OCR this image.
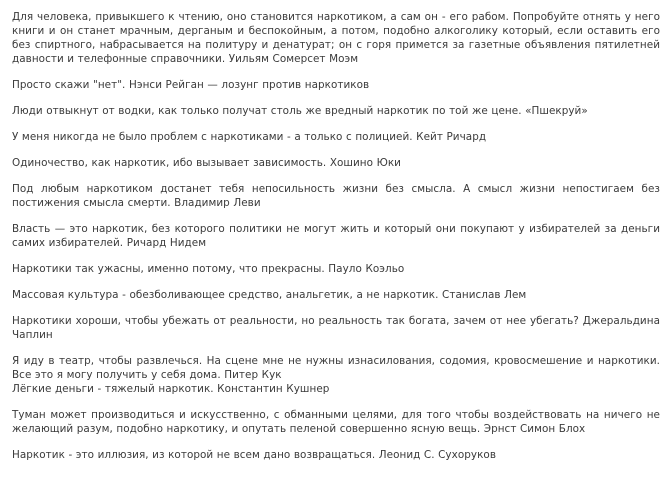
Для человека, привыкшего к чтению, оно становится наркотиком, а сам он - его рабом. Попробуйте отнять у него книги и он станет мрачным, дерганым и беспокойным, а потом, подобно алкоголику который, если оставить его без спиртного, набрасывается на политуру и денатурат; он с горя примется за газетные объявления пятилетней давности и телефонные справочники. Уильям Сомерсет Моэм

Просто скажи "нет". Нэнси Рейган — лозунг против наркотиков

Люди отвыкнут от водки, как только получат столь же вредный наркотик по той же цене. «Пшекруй»

У меня никогда не было проблем с наркотиками - а только с полицией. Кейт Ричард

Одиночество, как наркотик, ибо вызывает зависимость. Хошино Юки

Под любым наркотиком достанет тебя непосильность жизни без смысла. А смысл жизни непостигаем без постижения смысла смерти. Владимир Леви

Власть — это наркотик, без которого политики не могут жить и который они покупают у избирателей за деньги самих избирателей. Ричард Нидем

Наркотики так ужасны, именно потому, что прекрасны. Пауло Коэльо

Массовая культура - обезболивающее средство, анальгетик, а не наркотик. Станислав Лем

Наркотики хороши, чтобы убежать от реальности, но реальность так богата, зачем от нее убегать? Джеральдина Чаплин

Я иду в театр, чтобы развлечься. На сцене мне не нужны изнасилования, содомия, кровосмешение и наркотики. Все это я могу получить у себя дома. Питер Кук

Лёгкие деньги - тяжелый наркотик. Константин Кушнер

Туман может производиться и искусственно, с обманными целями, для того чтобы воздействовать на ничего не желающий разум, подобно наркотику, и опутать пеленой совершенно ясную вещь. Эрнст Симон Блох

Наркотик - это иллюзия, из которой не всем дано возвращаться. Леонид С. Сухоруков
